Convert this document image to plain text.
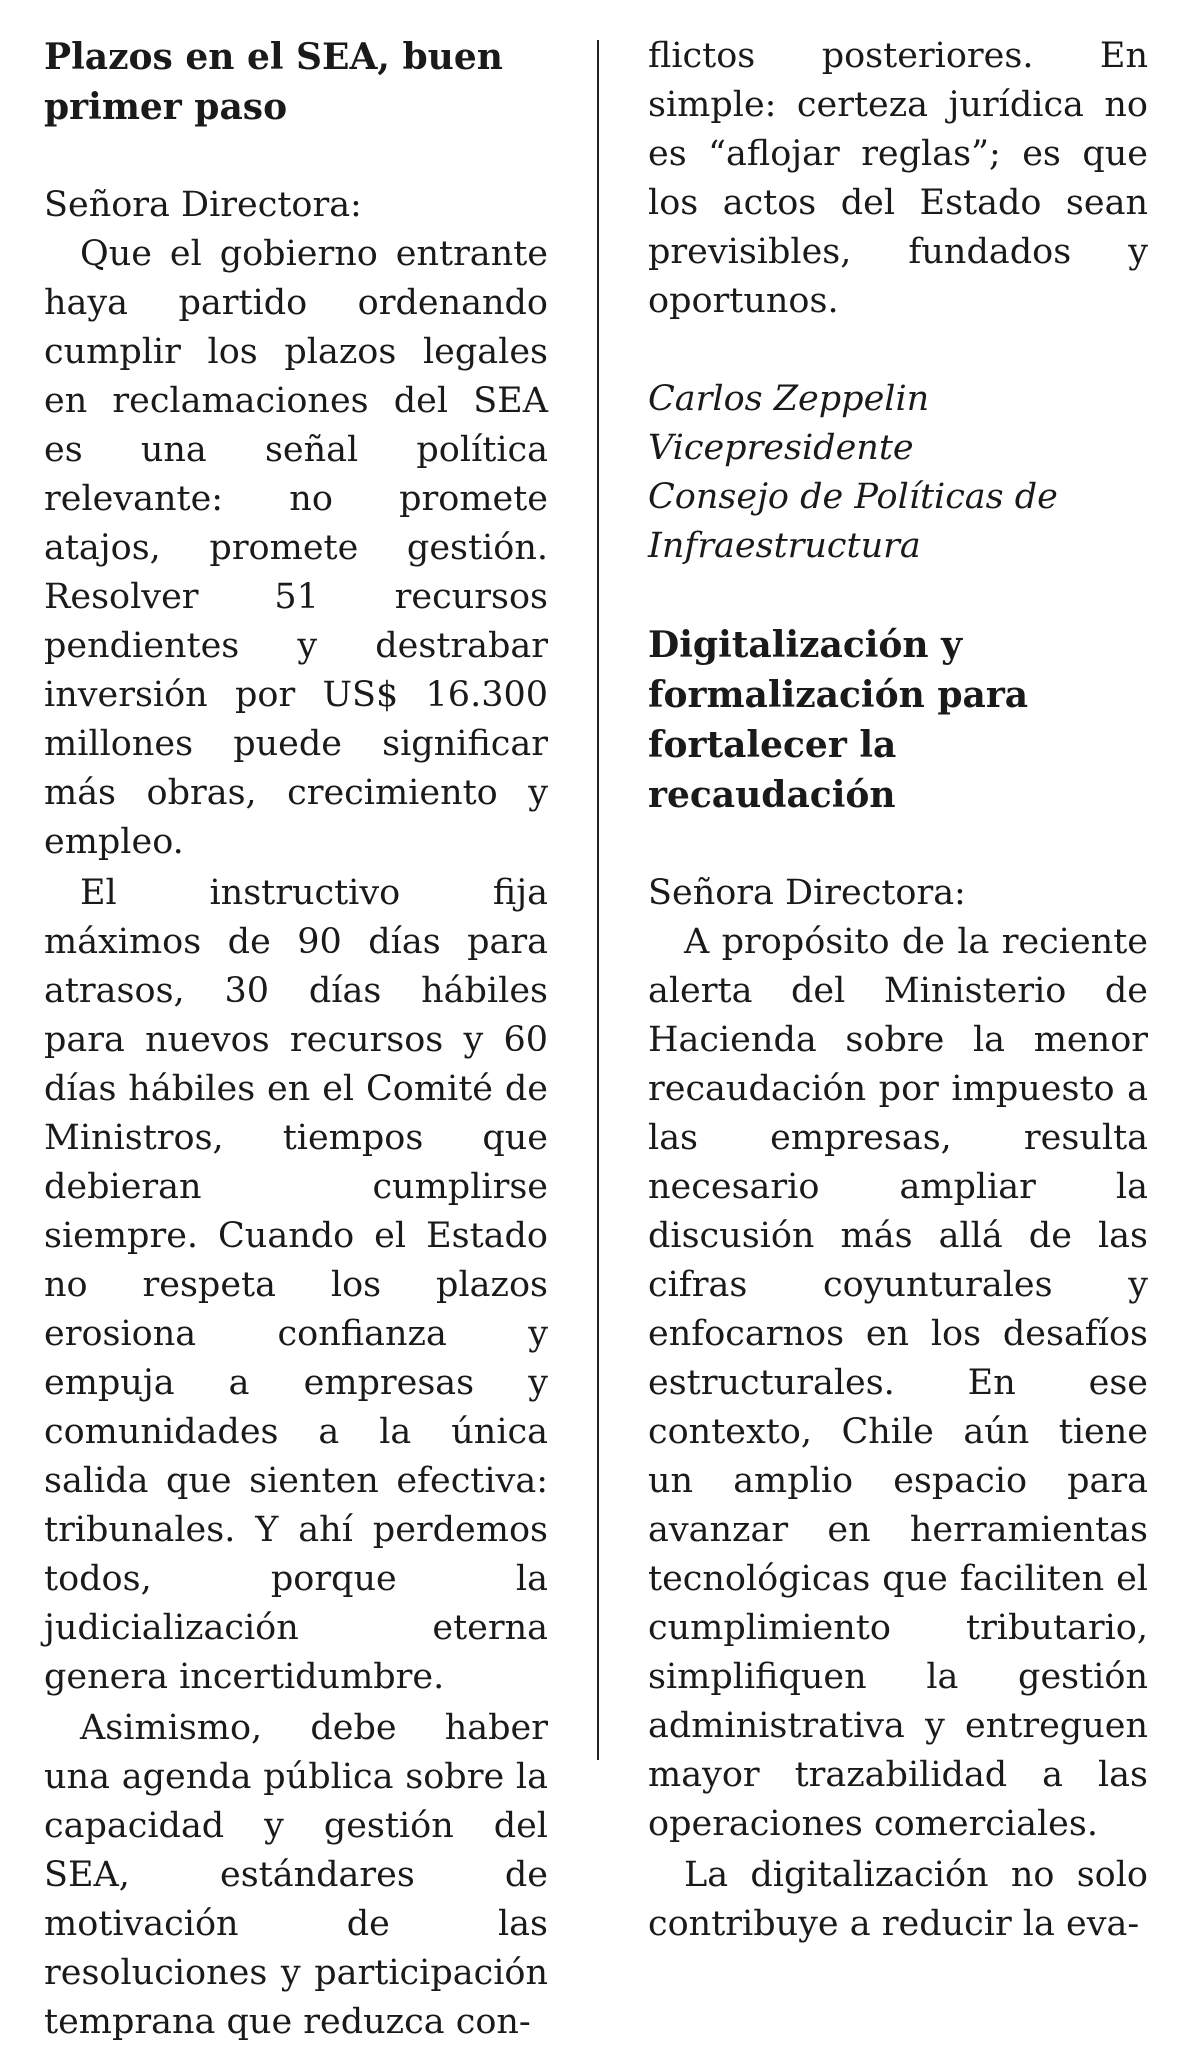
Plazos en el SEA, buen primer paso

Señora Directora:

Que el gobierno entrante haya partido ordenando cumplir los plazos legales en reclamaciones del SEA es una señal política relevante: no promete atajos, promete gestión. Resolver 51 recursos pendientes y destrabar inversión por US$ 16.300 millones puede significar más obras, crecimiento y empleo.

El instructivo fija máximos de 90 días para atrasos, 30 días hábiles para nuevos recursos y 60 días hábiles en el Comité de Ministros, tiempos que debieran cumplirse siempre. Cuando el Estado no respeta los plazos erosiona confianza y empuja a empresas y comunidades a la única salida que sienten efectiva: tribunales. Y ahí perdemos todos, porque la judicialización eterna genera incertidumbre.

Asimismo, debe haber una agenda pública sobre la capacidad y gestión del SEA, estándares de motivación de las resoluciones y participación temprana que reduzca con-

flictos posteriores. En simple: certeza jurídica no es “aflojar reglas”; es que los actos del Estado sean previsibles, fundados y oportunos.

Carlos Zeppelin

Vicepresidente

Consejo de Políticas de

Infraestructura

Digitalización y formalización para fortalecer la recaudación

Señora Directora:

A propósito de la reciente alerta del Ministerio de Hacienda sobre la menor recaudación por impuesto a las empresas, resulta necesario ampliar la discusión más allá de las cifras coyunturales y enfocarnos en los desafíos estructurales. En ese contexto, Chile aún tiene un amplio espacio para avanzar en herramientas tecnológicas que faciliten el cumplimiento tributario, simplifiquen la gestión administrativa y entreguen mayor trazabilidad a las operaciones comerciales.

La digitalización no solo contribuye a reducir la eva-
